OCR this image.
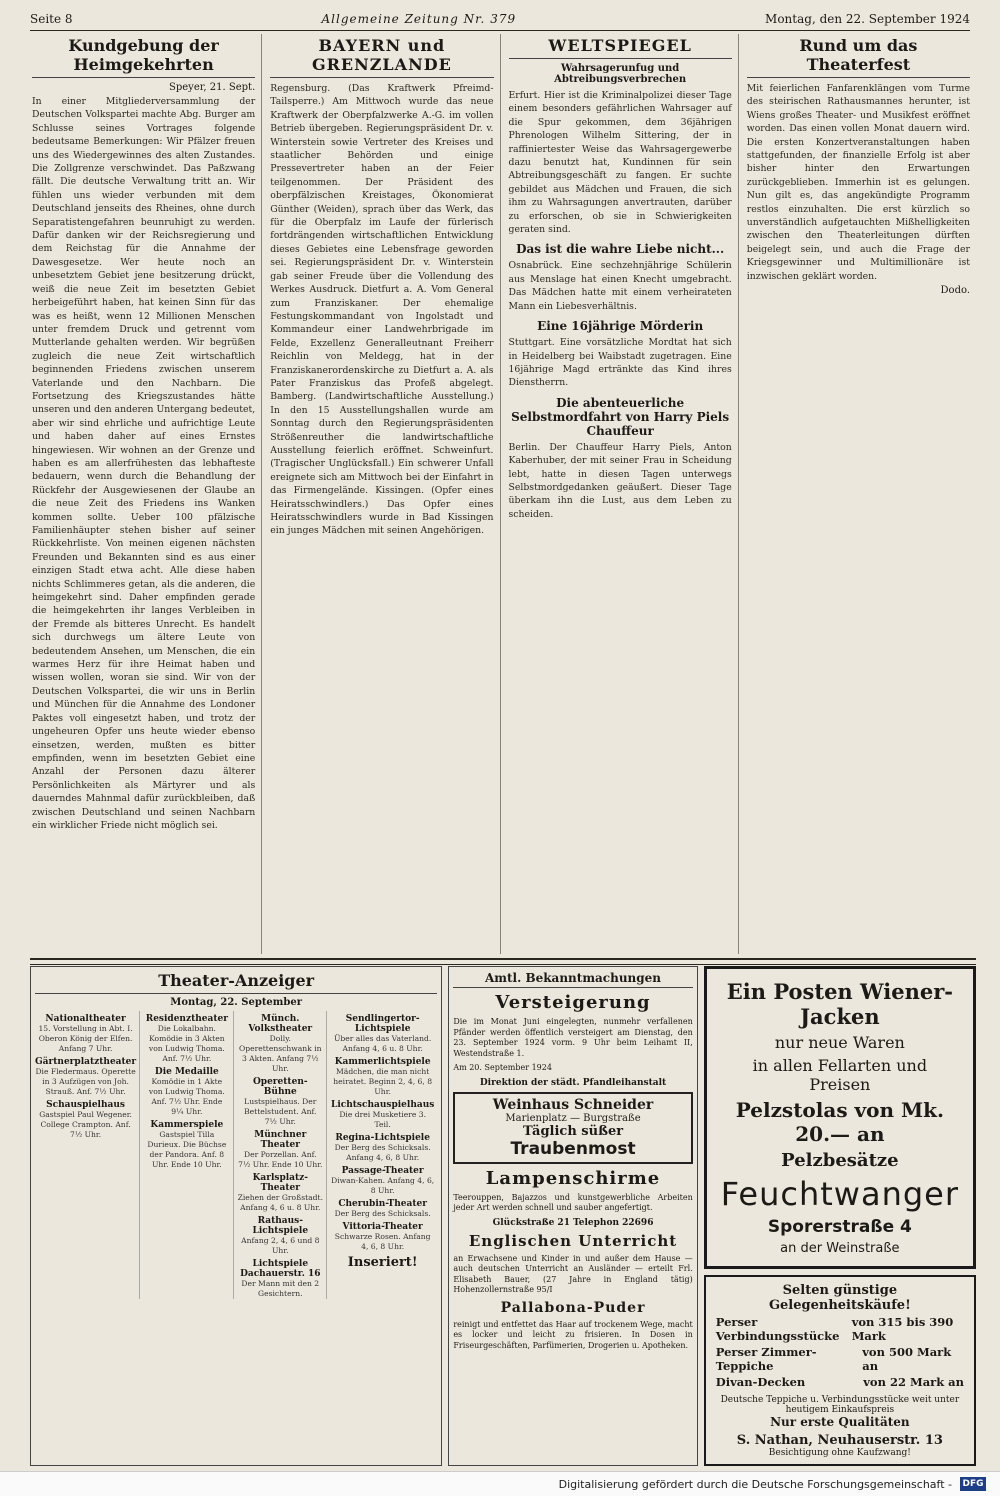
Seite 8	Allgemeine Zeitung Nr. 379	Montag, den 22. September 1924
Kundgebung der Heimgekehrten
Speyer, 21. Sept.

In einer Mitgliederversammlung der Deutschen Volkspartei machte Abg. Burger am Schlusse seines Vortrages folgende bedeutsame Bemerkungen: Wir Pfälzer freuen uns des Wiedergewinnes des alten Zustandes. Die Zollgrenze verschwindet. Das Paßzwang fällt. Die deutsche Verwaltung tritt an. Wir fühlen uns wieder verbunden mit dem Deutschland jenseits des Rheines, ohne durch Separatistengefahren beunruhigt zu werden. Dafür danken wir der Reichsregierung und dem Reichstag für die Annahme der Dawesgesetze. Wer heute noch an unbesetztem Gebiet jene besitzerung drückt, weiß die neue Zeit im besetzten Gebiet herbeigeführt haben, hat keinen Sinn für das was es heißt, wenn 12 Millionen Menschen unter fremdem Druck und getrennt vom Mutterlande gehalten werden. Wir begrüßen zugleich die neue Zeit wirtschaftlich beginnenden Friedens zwischen unserem Vaterlande und den Nachbarn. Die Fortsetzung des Kriegszustandes hätte unseren und den anderen Untergang bedeutet, aber wir sind ehrliche und aufrichtige Leute und haben daher auf eines Ernstes hingewiesen. Wir wohnen an der Grenze und haben es am allerfrühesten das lebhafteste bedauern, wenn durch die Behandlung der Rückfehr der Ausgewiesenen der Glaube an die neue Zeit des Friedens ins Wanken kommen sollte. Ueber 100 pfälzische Familienhäupter stehen bisher auf seiner Rückkehrliste. Von meinen eigenen nächsten Freunden und Bekannten sind es aus einer einzigen Stadt etwa acht. Alle diese haben nichts Schlimmeres getan, als die anderen, die heimgekehrt sind. Daher empfinden gerade die heimgekehrten ihr langes Verbleiben in der Fremde als bitteres Unrecht. Es handelt sich durchwegs um ältere Leute von bedeutendem Ansehen, um Menschen, die ein warmes Herz für ihre Heimat haben und wissen wollen, woran sie sind. Wir von der Deutschen Volkspartei, die wir uns in Berlin und München für die Annahme des Londoner Paktes voll eingesetzt haben, und trotz der ungeheuren Opfer uns heute wieder ebenso einsetzen, werden, mußten es bitter empfinden, wenn im besetzten Gebiet eine Anzahl der Personen dazu älterer Persönlichkeiten als Märtyrer und als dauerndes Mahnmal dafür zurückbleiben, daß zwischen Deutschland und seinen Nachbarn ein wirklicher Friede nicht möglich sei.

BAYERN und GRENZLANDE

Regensburg. (Das Kraftwerk Pfreimd-Tailsperre.) Am Mittwoch wurde das neue Kraftwerk der Oberpfalzwerke A.-G. im vollen Betrieb übergeben. Regierungspräsident Dr. v. Winterstein sowie Vertreter des Kreises und staatlicher Behörden und einige Pressevertreter haben an der Feier teilgenommen. Der Präsident des oberpfälzischen Kreistages, Ökonomierat Günther (Weiden), sprach über das Werk, das für die Oberpfalz im Laufe der fürlerisch fortdrängenden wirtschaftlichen Entwicklung dieses Gebietes eine Lebensfrage geworden sei. Regierungspräsident Dr. v. Winterstein gab seiner Freude über die Vollendung des Werkes Ausdruck. Dietfurt a. A. Vom General zum Franziskaner. Der ehemalige Festungskommandant von Ingolstadt und Kommandeur einer Landwehrbrigade im Felde, Exzellenz Generalleutnant Freiherr Reichlin von Meldegg, hat in der Franziskanerordenskirche zu Dietfurt a. A. als Pater Franziskus das Profeß abgelegt. Bamberg. (Landwirtschaftliche Ausstellung.) In den 15 Ausstellungshallen wurde am Sonntag durch den Regierungspräsidenten Strößenreuther die landwirtschaftliche Ausstellung feierlich eröffnet. Schweinfurt. (Tragischer Unglücksfall.) Ein schwerer Unfall ereignete sich am Mittwoch bei der Einfahrt in das Firmengelände. Kissingen. (Opfer eines Heiratsschwindlers.) Das Opfer eines Heiratsschwindlers wurde in Bad Kissingen ein junges Mädchen mit seinen Angehörigen.

WELTSPIEGEL
Wahrsagerunfug und Abtreibungsverbrechen

Erfurt. Hier ist die Kriminalpolizei dieser Tage einem besonders gefährlichen Wahrsager auf die Spur gekommen, dem 36jährigen Phrenologen Wilhelm Sittering, der in raffiniertester Weise das Wahrsagergewerbe dazu benutzt hat, Kundinnen für sein Abtreibungsgeschäft zu fangen. Er suchte gebildet aus Mädchen und Frauen, die sich ihm zu Wahrsagungen anvertrauten, darüber zu erforschen, ob sie in Schwierigkeiten geraten sind.

Das ist die wahre Liebe nicht...

Osnabrück. Eine sechzehnjährige Schülerin aus Menslage hat einen Knecht umgebracht. Das Mädchen hatte mit einem verheirateten Mann ein Liebesverhältnis.

Eine 16jährige Mörderin

Stuttgart. Eine vorsätzliche Mordtat hat sich in Heidelberg bei Waibstadt zugetragen. Eine 16jährige Magd ertränkte das Kind ihres Dienstherrn.

Die abenteuerliche Selbstmordfahrt von Harry Piels Chauffeur

Berlin. Der Chauffeur Harry Piels, Anton Kaberhuber, der mit seiner Frau in Scheidung lebt, hatte in diesen Tagen unterwegs Selbstmordgedanken geäußert. Dieser Tage überkam ihn die Lust, aus dem Leben zu scheiden.

Rund um das Theaterfest

Mit feierlichen Fanfarenklängen vom Turme des steirischen Rathausmannes herunter, ist Wiens großes Theater- und Musikfest eröffnet worden. Das einen vollen Monat dauern wird. Die ersten Konzertveranstaltungen haben stattgefunden, der finanzielle Erfolg ist aber bisher hinter den Erwartungen zurückgeblieben. Immerhin ist es gelungen. Nun gilt es, das angekündigte Programm restlos einzuhalten. Die erst kürzlich so unverständlich aufgetauchten Mißhelligkeiten zwischen den Theaterleitungen dürften beigelegt sein, und auch die Frage der Kriegsgewinner und Multimillionäre ist inzwischen geklärt worden.

Dodo.
Theater-Anzeiger
Montag, 22. September
Nationaltheater
15. Vorstellung in Abt. I. Oberon König der Elfen. Anfang 7 Uhr.
Gärtnerplatztheater
Die Fledermaus. Operette in 3 Aufzügen von Joh. Strauß. Anf. 7½ Uhr.
Schauspielhaus
Gastspiel Paul Wegener. College Crampton. Anf. 7½ Uhr.
Residenztheater
Die Lokalbahn. Komödie in 3 Akten von Ludwig Thoma. Anf. 7½ Uhr.
Die Medaille
Komödie in 1 Akte von Ludwig Thoma. Anf. 7½ Uhr. Ende 9¼ Uhr.
Kammerspiele
Gastspiel Tilla Durieux. Die Büchse der Pandora. Anf. 8 Uhr. Ende 10 Uhr.
Münch. Volkstheater
Dolly. Operettenschwank in 3 Akten. Anfang 7½ Uhr.
Operetten-Bühne
Lustspielhaus. Der Bettelstudent. Anf. 7½ Uhr.
Münchner Theater
Der Porzellan. Anf. 7½ Uhr. Ende 10 Uhr.
Karlsplatz-Theater
Ziehen der Großstadt. Anfang 4, 6 u. 8 Uhr.
Rathaus-Lichtspiele
Anfang 2, 4, 6 und 8 Uhr.
Lichtspiele Dachauerstr. 16
Der Mann mit den 2 Gesichtern.
Sendlingertor-Lichtspiele
Über alles das Vaterland. Anfang 4, 6 u. 8 Uhr.
Kammerlichtspiele
Mädchen, die man nicht heiratet. Beginn 2, 4, 6, 8 Uhr.
Lichtschauspielhaus
Die drei Musketiere 3. Teil.
Regina-Lichtspiele
Der Berg des Schicksals. Anfang 4, 6, 8 Uhr.
Passage-Theater
Diwan-Kahen. Anfang 4, 6, 8 Uhr.
Cherubin-Theater
Der Berg des Schicksals.
Vittoria-Theater
Schwarze Rosen. Anfang 4, 6, 8 Uhr.
Inseriert!
Amtl. Bekanntmachungen
Versteigerung
Die im Monat Juni eingelegten, nunmehr verfallenen Pfänder werden öffentlich versteigert am Dienstag, den 23. September 1924 vorm. 9 Uhr beim Leihamt II, Westendstraße 1.
Am 20. September 1924
Direktion der städt. Pfandleihanstalt
Weinhaus Schneider
Marienplatz — Burgstraße
Täglich süßer
Traubenmost
Lampenschirme
Teerouppen, Bajazzos und kunstgewerbliche Arbeiten jeder Art werden schnell und sauber angefertigt.
Glückstraße 21 Telephon 22696
Englischen Unterricht
an Erwachsene und Kinder in und außer dem Hause — auch deutschen Unterricht an Ausländer — erteilt Frl. Elisabeth Bauer, (27 Jahre in England tätig) Hohenzollernstraße 95/I
Pallabona-Puder
reinigt und entfettet das Haar auf trockenem Wege, macht es locker und leicht zu frisieren. In Dosen in Friseurgeschäften, Parfümerien, Drogerien u. Apotheken.
Ein Posten Wiener-Jacken
nur neue Waren
in allen Fellarten und Preisen
Pelzstolas von Mk. 20.— an
Pelzbesätze
Feuchtwanger
Sporerstraße 4
an der Weinstraße
Selten günstige Gelegenheitskäufe!
Perser Verbindungsstücke
von 315 bis 390 Mark
Perser Zimmer-Teppiche
von 500 Mark an
Divan-Decken	von 22 Mark an
Deutsche Teppiche u. Verbindungsstücke weit unter heutigem Einkaufspreis
Nur erste Qualitäten
S. Nathan, Neuhauserstr. 13
Besichtigung ohne Kaufzwang!
Digitalisierung gefördert durch die Deutsche Forschungsgemeinschaft - DFG
